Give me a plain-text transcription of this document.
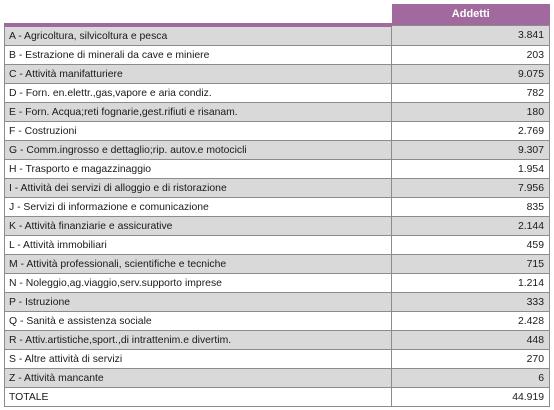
	Addetti
A - Agricoltura, silvicoltura e pesca	3.841
B - Estrazione di minerali da cave e miniere	203
C - Attività manifatturiere	9.075
D - Forn. en.elettr.,gas,vapore e aria condiz.	782
E - Forn. Acqua;reti fognarie,gest.rifiuti e risanam.	180
F - Costruzioni	2.769
G - Comm.ingrosso e dettaglio;rip. autov.e motocicli	9.307
H - Trasporto e magazzinaggio	1.954
I - Attività dei servizi di alloggio e di ristorazione	7.956
J - Servizi di informazione e comunicazione	835
K - Attività finanziarie e assicurative	2.144
L - Attività immobiliari	459
M - Attività professionali, scientifiche e tecniche	715
N - Noleggio,ag.viaggio,serv.supporto imprese	1.214
P - Istruzione	333
Q - Sanità e assistenza sociale	2.428
R - Attiv.artistiche,sport.,di intrattenim.e divertim.	448
S - Altre attività di servizi	270
Z - Attività mancante	6
TOTALE	44.919
